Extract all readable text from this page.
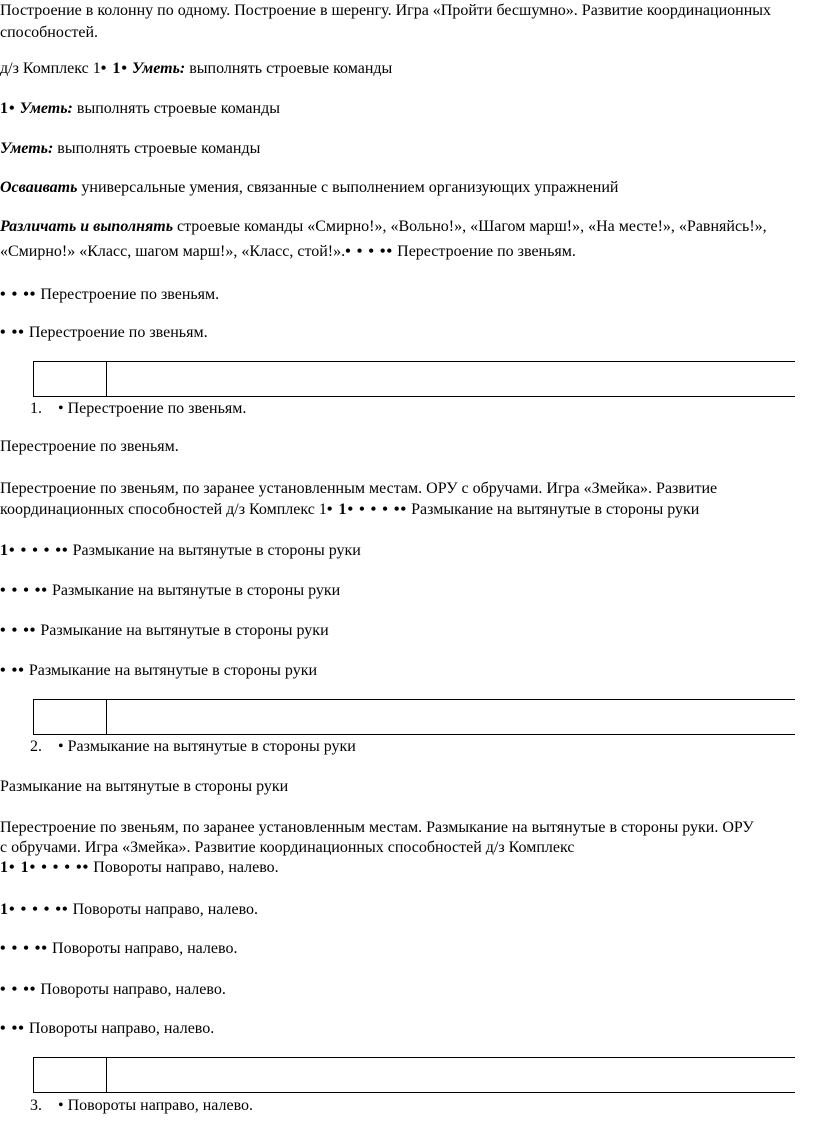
Построение в колонну по одному. Построение в шеренгу. Игра «Пройти бесшумно». Развитие координационных способностей.
д/з Комплекс 1• 1• Уметь: выполнять строевые команды
1• Уметь: выполнять строевые команды
Уметь: выполнять строевые команды
Осваивать универсальные умения, связанные с выполнением организующих упражнений
Различать и выполнять строевые команды «Смирно!», «Вольно!», «Шагом марш!», «На месте!», «Равняйсь!»,
«Смирно!» «Класс, шагом марш!», «Класс, стой!».• • • •• Перестроение по звеньям.
• • •• Перестроение по звеньям.
• •• Перестроение по звеньям.
1. • Перестроение по звеньям.
Перестроение по звеньям.
Перестроение по звеньям, по заранее установленным местам. ОРУ с обручами. Игра «Змейка». Развитие
координационных способностей д/з Комплекс 1• 1• • • • •• Размыкание на вытянутые в стороны руки
1• • • • •• Размыкание на вытянутые в стороны руки
• • • •• Размыкание на вытянутые в стороны руки
• • •• Размыкание на вытянутые в стороны руки
• •• Размыкание на вытянутые в стороны руки
2. • Размыкание на вытянутые в стороны руки
Размыкание на вытянутые в стороны руки
Перестроение по звеньям, по заранее установленным местам. Размыкание на вытянутые в стороны руки. ОРУ
с обручами. Игра «Змейка». Развитие координационных способностей д/з Комплекс
1• 1• • • • •• Повороты направо, налево.
1• • • • •• Повороты направо, налево.
• • • •• Повороты направо, налево.
• • •• Повороты направо, налево.
• •• Повороты направо, налево.
3. • Повороты направо, налево.
